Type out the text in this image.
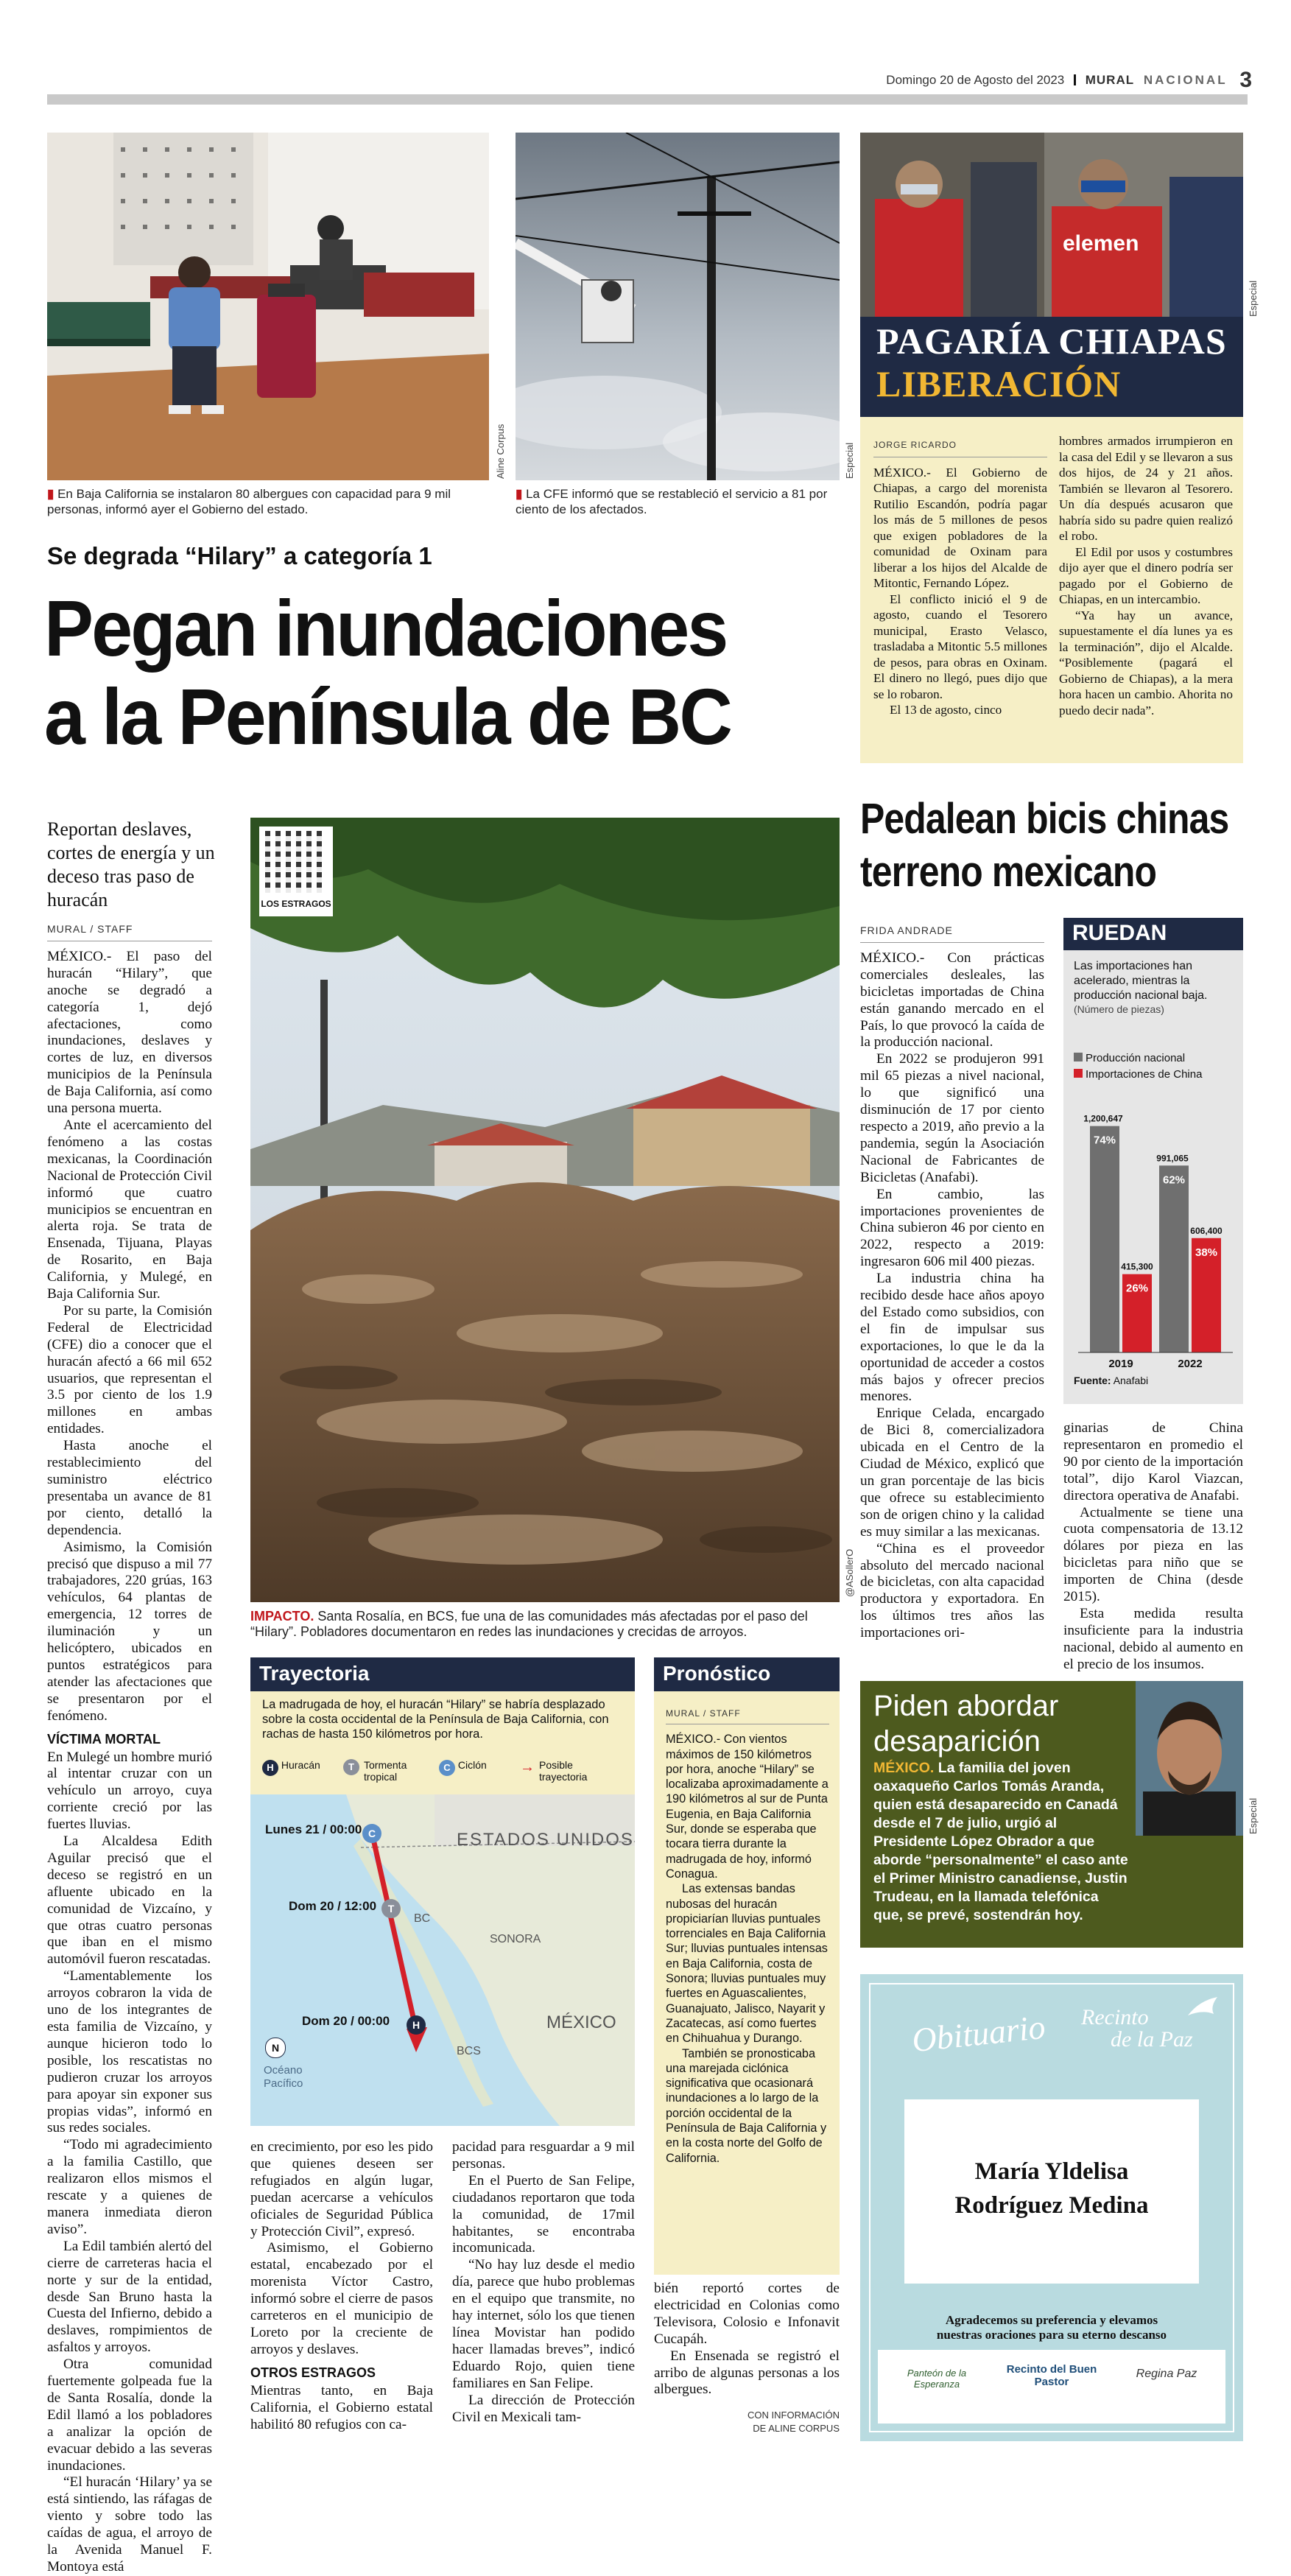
Domingo 20 de Agosto del 2023 MURAL NACIONAL 3
Aline Corpus
▮ En Baja California se instalaron 80 albergues con capacidad para 9 mil personas, informó ayer el Gobierno del estado.
Especial
▮ La CFE informó que se restableció el servicio a 81 por ciento de los afectados.
elemen
Especial
PAGARÍA CHIAPAS
LIBERACIÓN
JORGE RICARDO

MÉXICO.- El Gobierno de Chiapas, a cargo del morenista Rutilio Escandón, podría pagar los más de 5 millones de pesos que exigen pobladores de la comunidad de Oxinam para liberar a los hijos del Alcalde de Mitontic, Fernando López.

El conflicto inició el 9 de agosto, cuando el Tesorero municipal, Erasto Velasco, trasladaba a Mitontic 5.5 millones de pesos, para obras en Oxinam. El dinero no llegó, pues dijo que se lo robaron.

El 13 de agosto, cinco

hombres armados irrumpieron en la casa del Edil y se llevaron a sus dos hijos, de 24 y 21 años. También se llevaron al Tesorero. Un día después acusaron que habría sido su padre quien realizó el robo.

El Edil por usos y costumbres dijo ayer que el dinero podría ser pagado por el Gobierno de Chiapas, en un intercambio.

“Ya hay un avance, supuestamente el día lunes ya es la terminación”, dijo el Alcalde. “Posiblemente (pagará el Gobierno de Chiapas), a la mera hora hacen un cambio. Ahorita no puedo decir nada”.

Se degrada “Hilary” a categoría 1
Pegan inundaciones
a la Península de BC
Reportan deslaves, cortes de energía y un deceso tras paso de huracán
MURAL / STAFF

MÉXICO.- El paso del huracán “Hilary”, que anoche se degradó a categoría 1, dejó afectaciones, como inundaciones, deslaves y cortes de luz, en diversos municipios de la Península de Baja California, así como una persona muerta.

Ante el acercamiento del fenómeno a las costas mexicanas, la Coordinación Nacional de Protección Civil informó que cuatro municipios se encuentran en alerta roja. Se trata de Ensenada, Tijuana, Playas de Rosarito, en Baja California, y Mulegé, en Baja California Sur.

Por su parte, la Comisión Federal de Electricidad (CFE) dio a conocer que el huracán afectó a 66 mil 652 usuarios, que representan el 3.5 por ciento de los 1.9 millones en ambas entidades.

Hasta anoche el restablecimiento del suministro eléctrico presentaba un avance de 81 por ciento, detalló la dependencia.

Asimismo, la Comisión precisó que dispuso a mil 77 trabajadores, 220 grúas, 163 vehículos, 64 plantas de emergencia, 12 torres de iluminación y un helicóptero, ubicados en puntos estratégicos para atender las afectaciones que se presentaron por el fenómeno.

VÍCTIMA MORTAL

En Mulegé un hombre murió al intentar cruzar con un vehículo un arroyo, cuya corriente creció por las fuertes lluvias.

La Alcaldesa Edith Aguilar precisó que el deceso se registró en un afluente ubicado en la comunidad de Vizcaíno, y que otras cuatro personas que iban en el mismo automóvil fueron rescatadas.

“Lamentablemente los arroyos cobraron la vida de uno de los integrantes de esta familia de Vizcaíno, y aunque hicieron todo lo posible, los rescatistas no pudieron cruzar los arroyos para apoyar sin exponer sus propias vidas”, informó en sus redes sociales.

“Todo mi agradecimiento a la familia Castillo, que realizaron ellos mismos el rescate y a quienes de manera inmediata dieron aviso”.

La Edil también alertó del cierre de carreteras hacia el norte y sur de la entidad, desde San Bruno hasta la Cuesta del Infierno, debido a deslaves, rompimientos de asfaltos y arroyos.

Otra comunidad fuertemente golpeada fue la de Santa Rosalía, donde la Edil llamó a los pobladores a analizar la opción de evacuar debido a las severas inundaciones.

“El huracán ‘Hilary’ ya se está sintiendo, las ráfagas de viento y sobre todo las caídas de agua, el arroyo de la Avenida Manuel F. Montoya está

LOS ESTRAGOS
@ASollerO
IMPACTO. Santa Rosalía, en BCS, fue una de las comunidades más afectadas por el paso del “Hilary”. Pobladores documentaron en redes las inundaciones y crecidas de arroyos.
Trayectoria
La madrugada de hoy, el huracán “Hilary” se habría desplazado sobre la costa occidental de la Península de Baja California, con rachas de hasta 150 kilómetros por hora.
H Huracán	T Tormenta tropical
C Ciclón → Posible trayectoria
ESTADOS UNIDOS
BC
SONORA
MÉXICO
BCS
Océano Pacífico
N
Lunes 21 / 00:00 C
Dom 20 / 12:00	T
Dom 20 / 00:00	H
Pronóstico
MURAL / STAFF

MÉXICO.- Con vientos máximos de 150 kilómetros por hora, anoche “Hilary” se localizaba aproximadamente a 190 kilómetros al sur de Punta Eugenia, en Baja California Sur, donde se esperaba que tocara tierra durante la madrugada de hoy, informó Conagua.

Las extensas bandas nubosas del huracán propiciarían lluvias puntuales torrenciales en Baja California Sur; lluvias puntuales intensas en Baja California, costa de Sonora; lluvias puntuales muy fuertes en Aguascalientes, Guanajuato, Jalisco, Nayarit y Zacatecas, así como fuertes en Chihuahua y Durango.

También se pronosticaba una marejada ciclónica significativa que ocasionará inundaciones a lo largo de la porción occidental de la Península de Baja California y en la costa norte del Golfo de California.

en crecimiento, por eso les pido que quienes deseen ser refugiados en algún lugar, puedan acercarse a vehículos oficiales de Seguridad Pública y Protección Civil”, expresó.

Asimismo, el Gobierno estatal, encabezado por el morenista Víctor Castro, informó sobre el cierre de pasos carreteros en el municipio de Loreto por la creciente de arroyos y deslaves.

OTROS ESTRAGOS

Mientras tanto, en Baja California, el Gobierno estatal habilitó 80 refugios con ca-

pacidad para resguardar a 9 mil personas.

En el Puerto de San Felipe, ciudadanos reportaron que toda la comunidad, de 17mil habitantes, se encontraba incomunicada.

“No hay luz desde el medio día, parece que hubo problemas en el equipo que transmite, no hay internet, sólo los que tienen línea Movistar han podido hacer llamadas breves”, indicó Eduardo Rojo, quien tiene familiares en San Felipe.

La dirección de Protección Civil en Mexicali tam-

bién reportó cortes de electricidad en Colonias como Televisora, Colosio e Infonavit Cucapáh.

En Ensenada se registró el arribo de algunas personas a los albergues.

CON INFORMACIÓN
DE ALINE CORPUS
Pedalean bicis chinas
terreno mexicano
FRIDA ANDRADE

MÉXICO.- Con prácticas comerciales desleales, las bicicletas importadas de China están ganando mercado en el País, lo que provocó la caída de la producción nacional.

En 2022 se produjeron 991 mil 65 piezas a nivel nacional, lo que significó una disminución de 17 por ciento respecto a 2019, año previo a la pandemia, según la Asociación Nacional de Fabricantes de Bicicletas (Anafabi).

En cambio, las importaciones provenientes de China subieron 46 por ciento en 2022, respecto a 2019: ingresaron 606 mil 400 piezas.

La industria china ha recibido desde hace años apoyo del Estado como subsidios, con el fin de impulsar sus exportaciones, lo que le da la oportunidad de acceder a costos más bajos y ofrecer precios menores.

Enrique Celada, encargado de Bici 8, comercializadora ubicada en el Centro de la Ciudad de México, explicó que un gran porcentaje de las bicis que ofrece su establecimiento son de origen chino y la calidad es muy similar a las mexicanas.

“China es el proveedor absoluto del mercado nacional de bicicletas, con alta capacidad productora y exportadora. En los últimos tres años las importaciones ori-

RUEDAN
Las importaciones han acelerado, mientras la producción nacional baja.
(Número de piezas)
Producción nacional
Importaciones de China
1,200,647
74%
415,300
26%
2019
991,065
62%
606,400
38%
2022
Fuente: Anafabi

ginarias de China representaron en promedio el 90 por ciento de la importación total”, dijo Karol Viazcan, directora operativa de Anafabi.

Actualmente se tiene una cuota compensatoria de 13.12 dólares por pieza en las bicicletas para niño que se importen de China (desde 2015).

Esta medida resulta insuficiente para la industria nacional, debido al aumento en el precio de los insumos.

Piden abordar
desaparición
MÉXICO. La familia del joven oaxaqueño Carlos Tomás Aranda, quien está desaparecido en Canadá desde el 7 de julio, urgió al Presidente López Obrador a que aborde “personalmente” el caso ante el Primer Ministro canadiense, Justin Trudeau, en la llamada telefónica que, se prevé, sostendrán hoy.
Especial
Obituario Recinto
de la Paz
María Yldelisa
Rodríguez Medina
Agradecemos su preferencia y elevamos
nuestras oraciones para su eterno descanso
Panteón de la Esperanza
Recinto del Buen Pastor
Regina Paz
